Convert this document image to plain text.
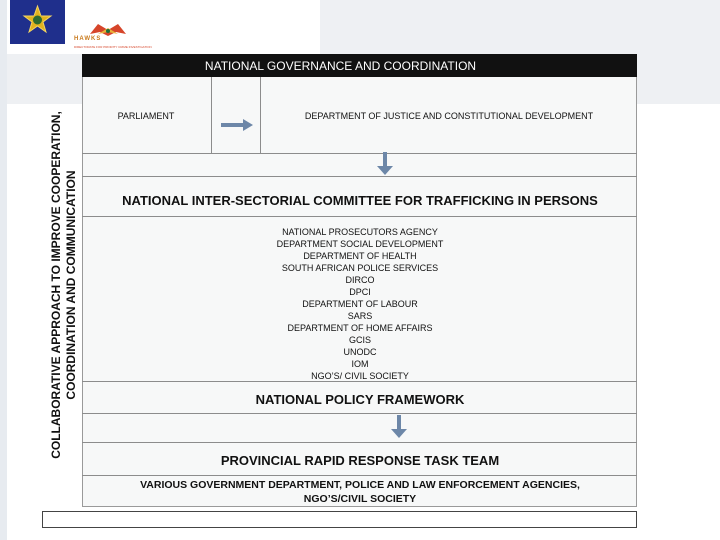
HAWKS
DIRECTORATE FOR PRIORITY CRIME INVESTIGATION
COLLABORATIVE APPROACH TO IMPROVE COOPERATION, COORDINATION AND COMMUNICATION
NATIONAL GOVERNANCE AND COORDINATION
PARLIAMENT	DEPARTMENT OF JUSTICE AND CONSTITUTIONAL DEVELOPMENT
NATIONAL INTER-SECTORIAL COMMITTEE FOR TRAFFICKING IN PERSONS
NATIONAL PROSECUTORS AGENCY
DEPARTMENT SOCIAL DEVELOPMENT
DEPARTMENT OF HEALTH
SOUTH AFRICAN POLICE SERVICES
DIRCO
DPCI
DEPARTMENT OF LABOUR
SARS
DEPARTMENT OF HOME AFFAIRS
GCIS
UNODC
IOM
NGO’S/ CIVIL SOCIETY
NATIONAL POLICY FRAMEWORK
PROVINCIAL RAPID RESPONSE TASK TEAM
VARIOUS GOVERNMENT DEPARTMENT, POLICE AND LAW ENFORCEMENT AGENCIES,
NGO’S/CIVIL SOCIETY
